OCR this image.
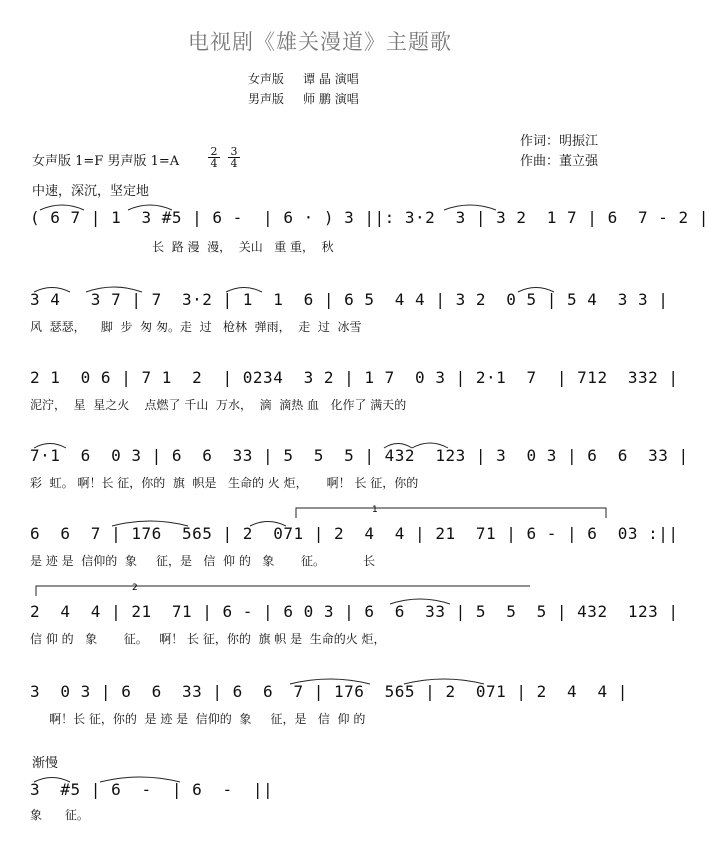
电视剧《雄关漫道》主题歌
女声版 谭 晶 演唱
男声版 师 鹏 演唱
作词：明振江
作曲：董立强
女声版 1=F 男声版 1=A	$\frac{2}{4} \frac{3}{4}$
中速，深沉，坚定地
( 6 7 | 1  3 #5 | 6 -  | 6 · ) 3 ||: 3·2  3 | 3 2  1 7 | 6  7 - 2 |
长  路 漫  漫，  关山   重 重，  秋
3 4   3 7 | 7  3·2 | 1  1  6 | 6 5  4 4 | 3 2  0 5 | 5 4  3 3 |
风  瑟瑟，    脚  步  匆 匆。走  过   枪林  弹雨，  走  过  冰雪
2 1  0 6 | 7 1  2  | 0234  3 2 | 1 7  0 3 | 2·1  7  | 712  332 |
泥泞，  星  星之火    点燃了 千山  万水，  滴  滴热 血   化作了 满天的
7·1  6  0 3 | 6  6  33 | 5  5  5 | 432  123 | 3  0 3 | 6  6  33 |
彩  虹。 啊！长 征，你的  旗  帜是   生命的 火 炬，     啊！ 长 征，你的
6  6  7 | 176  565 | 2  071 | 2  4  4 | 21  71 | 6 - | 6  03 :||
是 迹 是  信仰的  象     征，是   信  仰 的   象       征。          长
2  4  4 | 21  71 | 6 - | 6 0 3 | 6  6  33 | 5  5  5 | 432  123 |
信 仰 的   象       征。   啊！ 长 征，你的  旗 帜 是  生命的火 炬，
3  0 3 | 6  6  33 | 6  6  7 | 176  565 | 2  071 | 2  4  4 |
啊！长 征，你的  是 迹 是  信仰的  象     征，是   信  仰 的
渐慢
3  #5 | 6  -  | 6  -  ||
象      征。
1
2
